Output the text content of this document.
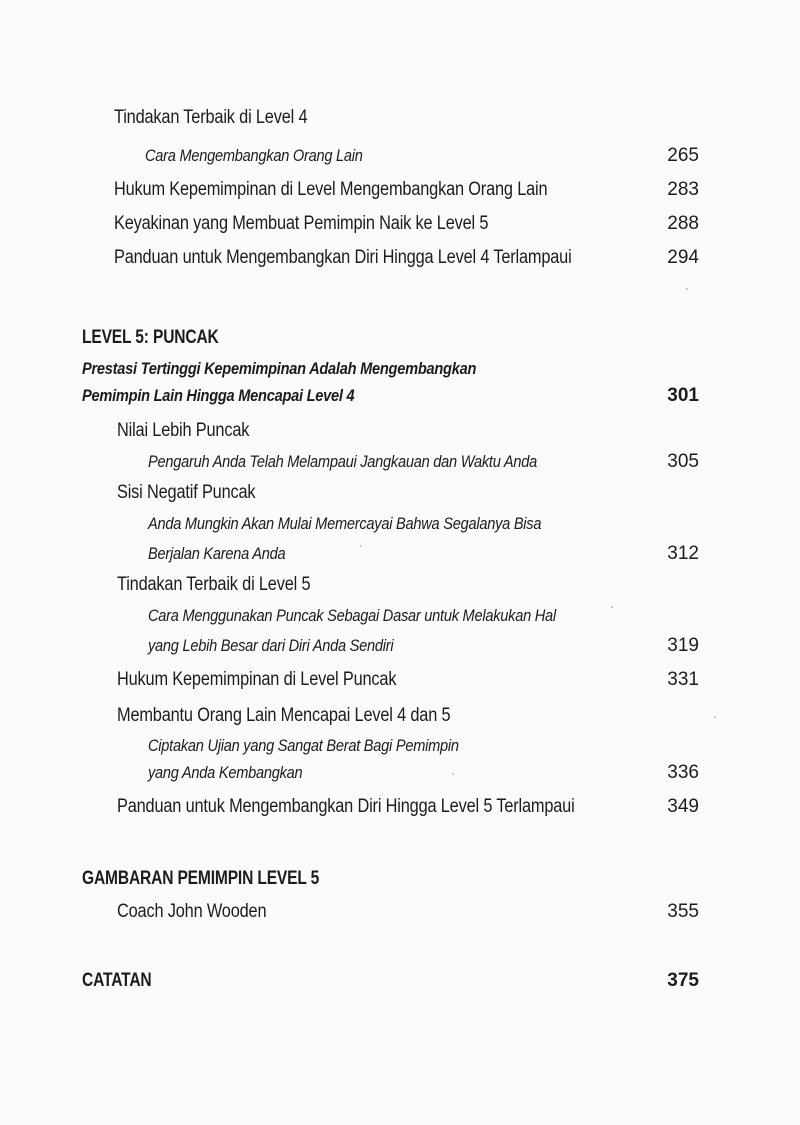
Tindakan Terbaik di Level 4
Cara Mengembangkan Orang Lain	265
Hukum Kepemimpinan di Level Mengembangkan Orang Lain	283
Keyakinan yang Membuat Pemimpin Naik ke Level 5	288
Panduan untuk Mengembangkan Diri Hingga Level 4 Terlampaui	294
LEVEL 5: PUNCAK
Prestasi Tertinggi Kepemimpinan Adalah Mengembangkan
Pemimpin Lain Hingga Mencapai Level 4	301
Nilai Lebih Puncak
Pengaruh Anda Telah Melampaui Jangkauan dan Waktu Anda	305
Sisi Negatif Puncak
Anda Mungkin Akan Mulai Memercayai Bahwa Segalanya Bisa
Berjalan Karena Anda	312
Tindakan Terbaik di Level 5
Cara Menggunakan Puncak Sebagai Dasar untuk Melakukan Hal
yang Lebih Besar dari Diri Anda Sendiri	319
Hukum Kepemimpinan di Level Puncak	331
Membantu Orang Lain Mencapai Level 4 dan 5
Ciptakan Ujian yang Sangat Berat Bagi Pemimpin
yang Anda Kembangkan	336
Panduan untuk Mengembangkan Diri Hingga Level 5 Terlampaui	349
GAMBARAN PEMIMPIN LEVEL 5
Coach John Wooden	355
CATATAN	375
